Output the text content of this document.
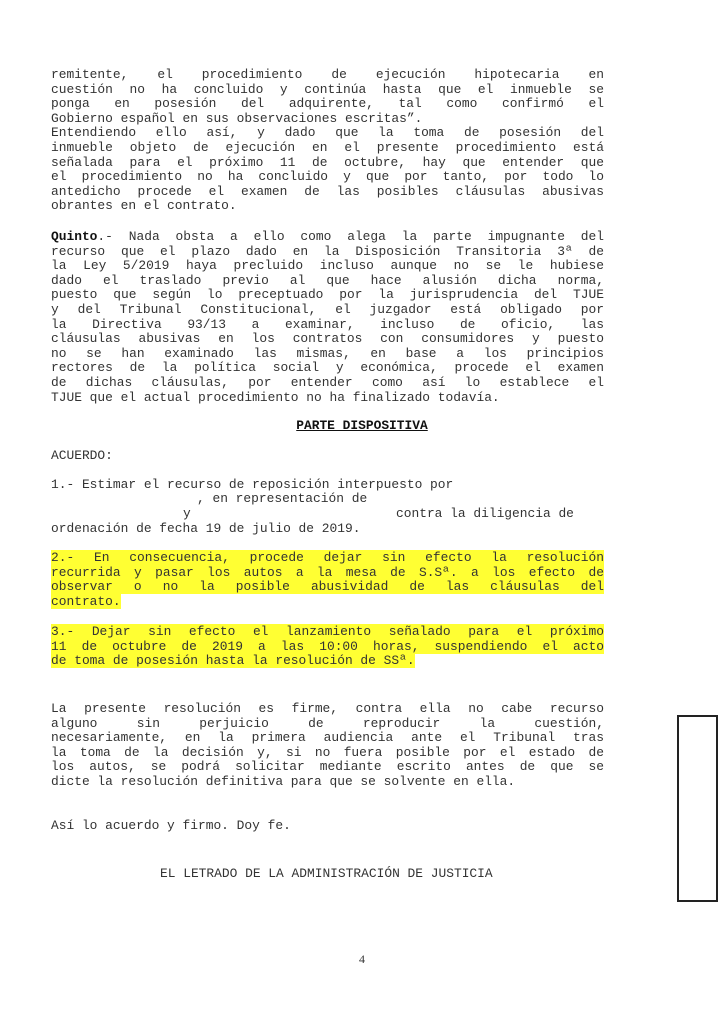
remitente, el procedimiento de ejecución hipotecaria en
cuestión no ha concluido y continúa hasta que el inmueble se
ponga en posesión del adquirente, tal como confirmó el
Gobierno español en sus observaciones escritas”.
Entendiendo ello así, y dado que la toma de posesión del
inmueble objeto de ejecución en el presente procedimiento está
señalada para el próximo 11 de octubre, hay que entender que
el procedimiento no ha concluido y que por tanto, por todo lo
antedicho procede el examen de las posibles cláusulas abusivas
obrantes en el contrato.
Quinto.- Nada obsta a ello como alega la parte impugnante del
recurso que el plazo dado en la Disposición Transitoria 3ª de
la Ley 5/2019 haya precluido incluso aunque no se le hubiese
dado el traslado previo al que hace alusión dicha norma,
puesto que según lo preceptuado por la jurisprudencia del TJUE
y del Tribunal Constitucional, el juzgador está obligado por
la Directiva 93/13 a examinar, incluso de oficio, las
cláusulas abusivas en los contratos con consumidores y puesto
no se han examinado las mismas, en base a los principios
rectores de la política social y económica, procede el examen
de dichas cláusulas, por entender como así lo establece el
TJUE que el actual procedimiento no ha finalizado todavía.
PARTE DISPOSITIVA
ACUERDO:
1.- Estimar el recurso de reposición interpuesto por
, en representación de
y	contra la diligencia de
ordenación de fecha 19 de julio de 2019.
2.- En consecuencia, procede dejar sin efecto la resolución
recurrida y pasar los autos a la mesa de S.Sª. a los efecto de
observar o no la posible abusividad de las cláusulas del
contrato.
3.- Dejar sin efecto el lanzamiento señalado para el próximo
11 de octubre de 2019 a las 10:00 horas, suspendiendo el acto
de toma de posesión hasta la resolución de SSª.
La presente resolución es firme, contra ella no cabe recurso
alguno sin perjuicio de reproducir la cuestión,
necesariamente, en la primera audiencia ante el Tribunal tras
la toma de la decisión y, si no fuera posible por el estado de
los autos, se podrá solicitar mediante escrito antes de que se
dicte la resolución definitiva para que se solvente en ella.
Así lo acuerdo y firmo. Doy fe.
EL LETRADO DE LA ADMINISTRACIÓN DE JUSTICIA
4
